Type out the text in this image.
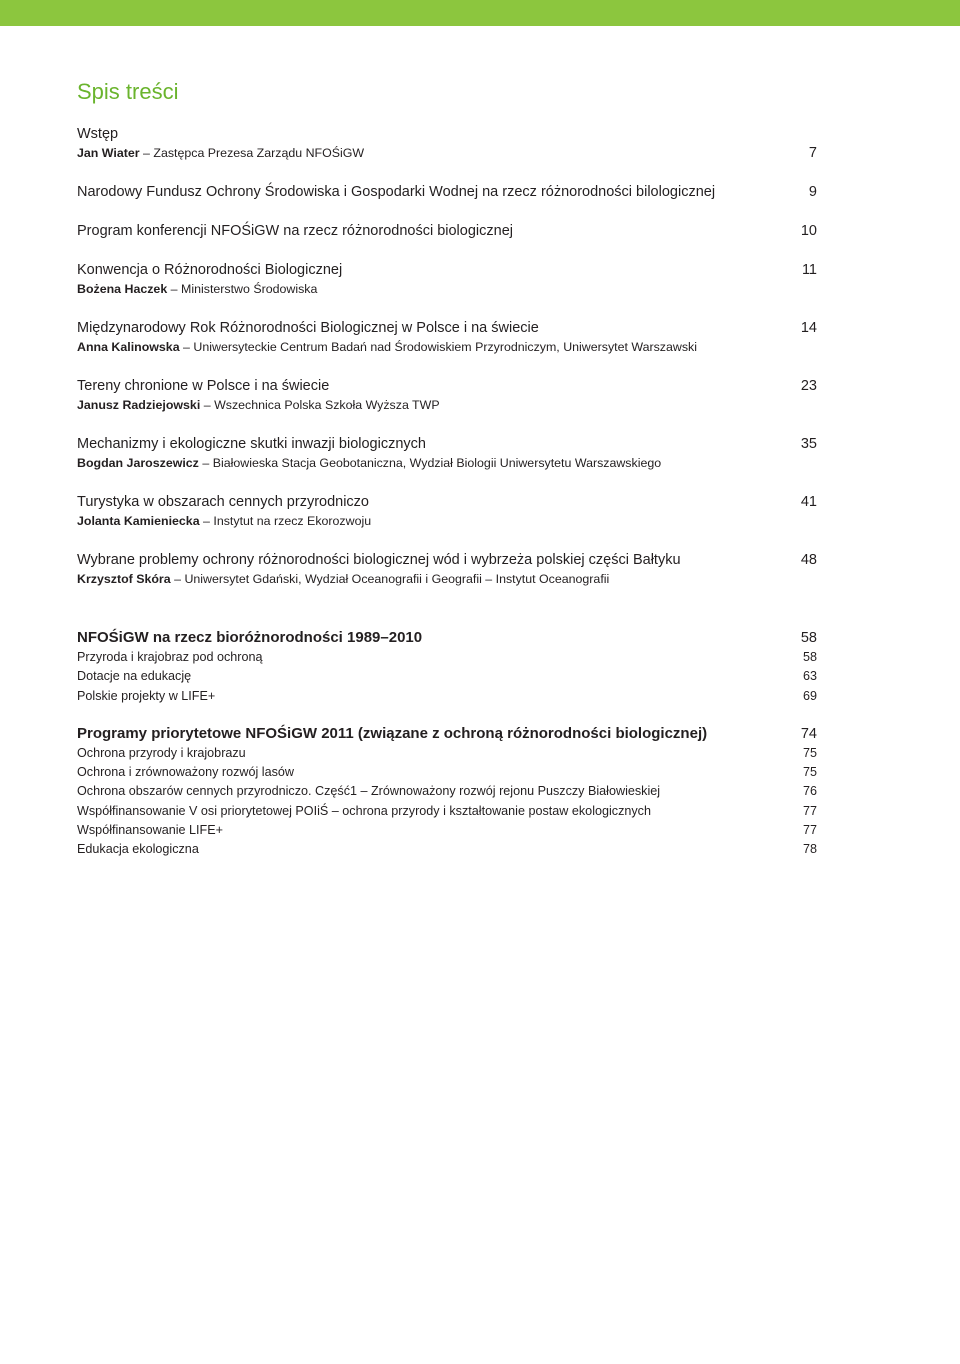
Spis treści
Wstęp
Jan Wiater – Zastępca Prezesa Zarządu NFOŚiGW	7
Narodowy Fundusz Ochrony Środowiska i Gospodarki Wodnej na rzecz różnorodności bilologicznej	9
Program konferencji NFOŚiGW na rzecz różnorodności biologicznej	10
Konwencja o Różnorodności Biologicznej	11
Bożena Haczek – Ministerstwo Środowiska
Międzynarodowy Rok Różnorodności Biologicznej w Polsce i na świecie	14
Anna Kalinowska – Uniwersyteckie Centrum Badań nad Środowiskiem Przyrodniczym, Uniwersytet Warszawski
Tereny chronione w Polsce i na świecie	23
Janusz Radziejowski – Wszechnica Polska Szkoła Wyższa TWP
Mechanizmy i ekologiczne skutki inwazji biologicznych	35
Bogdan Jaroszewicz – Białowieska Stacja Geobotaniczna, Wydział Biologii Uniwersytetu Warszawskiego
Turystyka w obszarach cennych przyrodniczo	41
Jolanta Kamieniecka – Instytut na rzecz Ekorozwoju
Wybrane problemy ochrony różnorodności biologicznej wód i wybrzeża polskiej części Bałtyku	48
Krzysztof Skóra – Uniwersytet Gdański, Wydział Oceanografii i Geografii – Instytut Oceanografii
NFOŚiGW na rzecz bioróżnorodności 1989–2010	58
Przyroda i krajobraz pod ochroną	58
Dotacje na edukację	63
Polskie projekty w LIFE+	69
Programy priorytetowe NFOŚiGW 2011 (związane z ochroną różnorodności biologicznej)	74
Ochrona przyrody i krajobrazu	75
Ochrona i zrównoważony rozwój lasów	75
Ochrona obszarów cennych przyrodniczo. Część1 – Zrównoważony rozwój rejonu Puszczy Białowieskiej	76
Współfinansowanie V osi priorytetowej POIiŚ – ochrona przyrody i kształtowanie postaw ekologicznych	77
Współfinansowanie LIFE+	77
Edukacja ekologiczna	78
